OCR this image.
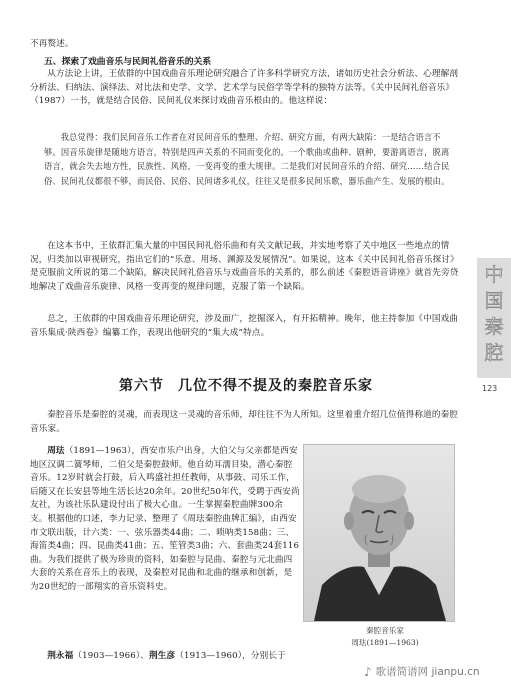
不再赘述。
五、探索了戏曲音乐与民间礼俗音乐的关系

从方法论上讲，王依群的中国戏曲音乐理论研究融合了许多科学研究方法，诸如历史社会分析法、心理解剖分析法、归纳法、演绎法、对比法和史学、文学、艺术学与民俗学等学科的独特方法等。《关中民间礼俗音乐》（1987）一书，就是结合民俗、民间礼仪来探讨戏曲音乐根由的。他这样说：

我总觉得：我们民间音乐工作者在对民间音乐的整理、介绍、研究方面，有两大缺陷：一是结合语言不够。因音乐旋律是随地方语言，特别是四声关系的不同而变化的。一个歌曲或曲种、剧种，要游离语言，脱离语言，就会失去地方性，民族性、风格，一变再变的重大规律。二是我们对民间音乐的介绍、研究……结合民俗、民间礼仪都很不够，而民俗、民俗、民间诸多礼仪，往往又是很多民间乐歌，器乐曲产生、发展的根由。

在这本书中，王依群汇集大量的中国民间礼俗乐曲和有关文献记载，并实地考察了关中地区一些地点的情况，归类加以审视研究，指出它们的“乐意、用场、渊源及发展情况”。如果说，这本《关中民间礼俗音乐探讨》是克服前文所说的第二个缺陷，解决民间礼俗音乐与戏曲音乐的关系的，那么前述《秦腔语音讲座》就首先旁贷地解决了戏曲音乐旋律、风格一变再变的规律问题，克服了第一个缺陷。

总之，王依群的中国戏曲音乐理论研究，涉及面广，挖掘深入，有开拓精神。晚年，他主持参加《中国戏曲音乐集成·陕西卷》编纂工作，表现出他研究的“集大成”特点。

第六节 几位不得不提及的秦腔音乐家

秦腔音乐是秦腔的灵魂，而表现这一灵魂的音乐师，却往往不为人所知。这里着重介绍几位值得称道的秦腔音乐家。

周珐（1891—1963），西安市乐户出身，大伯父与父亲都是西安地区汉调二簧琴师，二伯父是秦腔鼓师。他自幼耳濡目染，潜心秦腔音乐。12岁时就会打鼓，后入鸣盛社担任教师，从事鼓、司乐工作，后随又在长安县等地生活长达20余年。20世纪50年代，受聘于西安尚友社，为该社乐队建设付出了极大心血。一生掌握秦腔曲牌300余支。根据他的口述，李力记录、整理了《周珐秦腔曲牌汇编》，由西安市文联出版，计六类：一、弦乐器类44曲；二、唢呐类158曲；三、海笛类4曲；四、昆曲类41曲；五、笙管类3曲；六、套曲类24套116曲。为我们提供了极为珍贵的资料，如秦腔与昆曲、秦腔与元北曲四大套的关系在音乐上的表现，及秦腔对昆曲和北曲的继承和创新，是为20世纪的一部翔实的音乐资料史。

荆永福（1903—1966）、荆生彦（1913—1960），分别长于

秦腔音乐家
周珐(1891—1963)
中
国
秦
腔
123
♪ 歌谱简谱网 jianpu.cn
